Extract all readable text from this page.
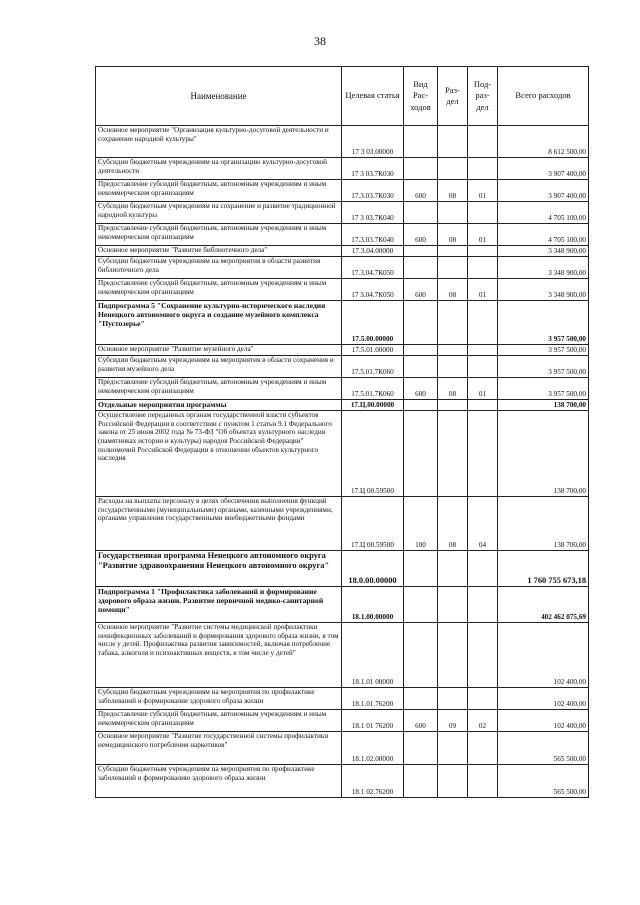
38
Наименование	Целевая статья	Вид Рас- ходов	Раз- дел	Под- раз- дел	Всего расходов
Основное мероприятие "Организация культурно-досуговой деятельности и сохранение народной культуры"	17 3 03.00000				8 612 500,00
Субсидии бюджетным учреждениям на организацию культурно-досуговой деятельности	17 3 03.7К030				3 907 400,00
Предоставление субсидий бюджетным, автономным учреждениям и иным некоммерческим организациям	17.3.03.7К030	600	08	01	3 907 400,00
Субсидии бюджетным учреждениям на сохранение и развитие традиционной народной культуры	17 3 03.7К040				4 705 100,00
Предоставление субсидий бюджетным, автономным учреждениям и иным некоммерческим организациям	17.3.03.7К040	600	08	01	4 705 100,00
Основное мероприятие "Развитие библиотечного дела"	17.3.04.00000				3 348 900,00
Субсидии бюджетным учреждениям на мероприятия в области развития библиотечного дела	17.3.04.7К050				3 348 900,00
Предоставление субсидий бюджетным, автономным учреждениям и иным некоммерческим организациям	17 3.04.7К050	600	08	01	3 348 900,00
Подпрограмма 5 "Сохранение культурно-исторического наследия Ненецкого автономного округа и создание музейного комплекса "Пустозерье"	17.5.00.00000				3 957 500,00
Основное мероприятие "Развитие музейного дела"	17.5.01.00000				3 957 500,00
Субсидии бюджетным учреждениям на мероприятия в области сохранения и развития музейного дела	17.5.01.7К060				3 957 500,00
Предоставление субсидий бюджетным, автономным учреждениям и иным некоммерческим организациям	17.5.01.7К060	600	08	01	3 957 500,00
Отдельные мероприятия программы	17.Ц.00.00000				138 700,00
Осуществление переданных органам государственной власти субъектов Российской Федерации в соответствии с пунктом 1 статьи 9.1 Федерального закона от 25 июня 2002 года № 73-ФЗ "Об объектах культурного наследия (памятниках истории и культуры) народов Российской Федерации" полномочий Российской Федерации в отношении объектов культурного наследия	17.Ц 00.59500				138 700,00
Расходы на выплаты персоналу в целях обеспечения выполнения функций государственными (муниципальными) органами, казенными учреждениями, органами управления государственными внебюджетными фондами	17.Ц 00.59500	100	08	04	138 700,00
Государственная программа Ненецкого автономного округа "Развитие здравоохранения Ненецкого автономного округа"	18.0.00.00000				1 760 755 673,18
Подпрограмма 1 "Профилактика заболеваний и формирование здорового образа жизни. Развитие первичной медико-санитарной помощи"	18.1.00.00000				402 462 075,69
Основное мероприятие "Развитие системы медицинской профилактики неинфекционных заболеваний и формирования здорового образа жизни, в том числе у детей. Профилактика развития зависимостей, включая потребление табака, алкоголя и психоактивных веществ, в том числе у детей"	18.1.01 00000				102 400,00
Субсидии бюджетным учреждениям на мероприятия по профилактике заболеваний и формирование здорового образа жизни	18.1.01.76200				102 400,00
Предоставление субсидий бюджетным, автономным учреждениям и иным некоммерческим организациям	18.1 01 76200	600	09	02	102 400,00
Основное мероприятие "Развитие государственной системы профилактики немедицинского потребления наркотиков"	18.1.02.00000				565 500,00
Субсидии бюджетным учреждениям на мероприятия по профилактике заболеваний и формированию здорового образа жизни	18.1 02.76200				565 500,00
